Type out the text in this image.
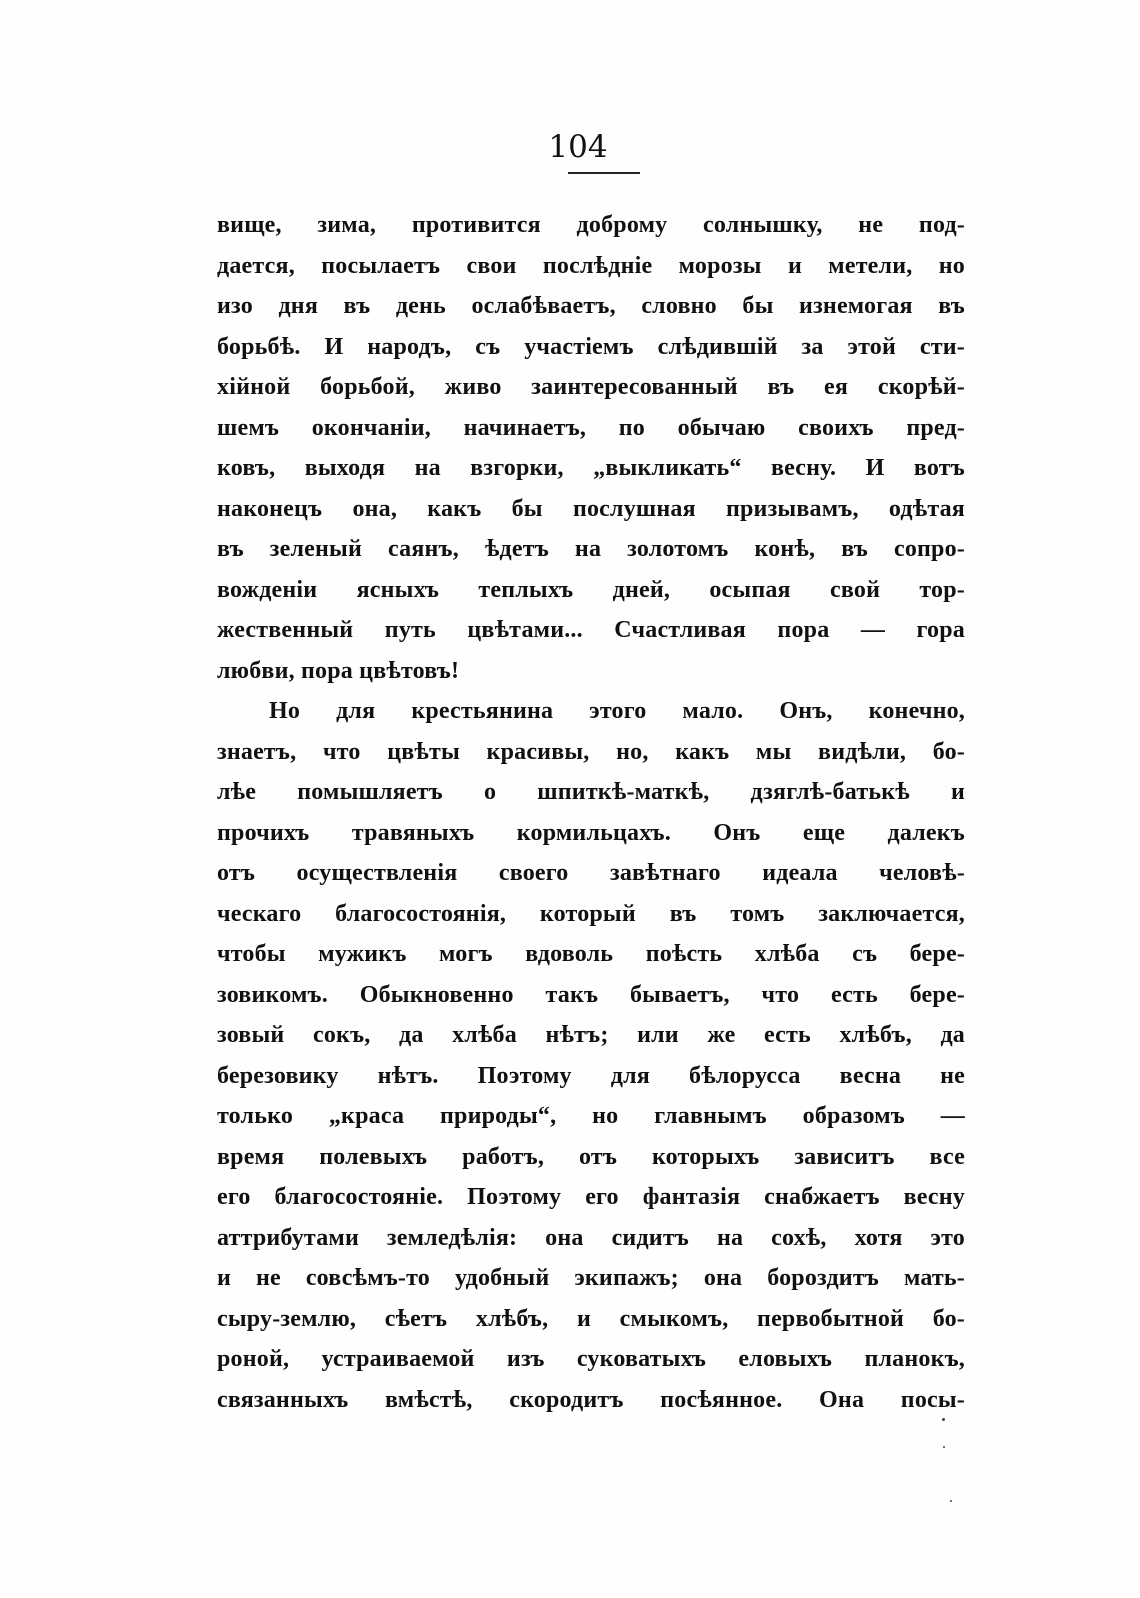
104
вище, зима, противится доброму солнышку, не под-
дается, посылаетъ свои послѣднiе морозы и метели, но
изо дня въ день ослабѣваетъ, словно бы изнемогая въ
борьбѣ. И народъ, съ участiемъ слѣдившiй за этой сти-
хiйной борьбой, живо заинтересованный въ ея скорѣй-
шемъ окончанiи, начинаетъ, по обычаю своихъ пред-
ковъ, выходя на взгорки, „выкликать“ весну. И вотъ
наконецъ она, какъ бы послушная призывамъ, одѣтая
въ зеленый саянъ, ѣдетъ на золотомъ конѣ, въ сопро-
вожденiи ясныхъ теплыхъ дней, осыпая свой тор-
жественный путь цвѣтами... Счастливая пора — гора
любви, пора цвѣтовъ!
Но для крестьянина этого мало. Онъ, конечно,
знаетъ, что цвѣты красивы, но, какъ мы видѣли, бо-
лѣе помышляетъ о шпиткѣ-маткѣ, дзяглѣ-батькѣ и
прочихъ травяныхъ кормильцахъ. Онъ еще далекъ
отъ осуществленiя своего завѣтнаго идеала человѣ-
ческаго благосостоянiя, который въ томъ заключается,
чтобы мужикъ могъ вдоволь поѣсть хлѣба съ бере-
зовикомъ. Обыкновенно такъ бываетъ, что есть бере-
зовый сокъ, да хлѣба нѣтъ; или же есть хлѣбъ, да
березовику нѣтъ. Поэтому для бѣлорусса весна не
только „краса природы“, но главнымъ образомъ —
время полевыхъ работъ, отъ которыхъ зависитъ все
его благосостоянiе. Поэтому его фантазiя снабжаетъ весну
аттрибутами земледѣлiя: она сидитъ на сохѣ, хотя это
и не совсѣмъ-то удобный экипажъ; она бороздитъ мать-
сыру-землю, сѣетъ хлѣбъ, и смыкомъ, первобытной бо-
роной, устраиваемой изъ суковатыхъ еловыхъ планокъ,
связанныхъ вмѣстѣ, скородитъ посѣянное. Она посы-
